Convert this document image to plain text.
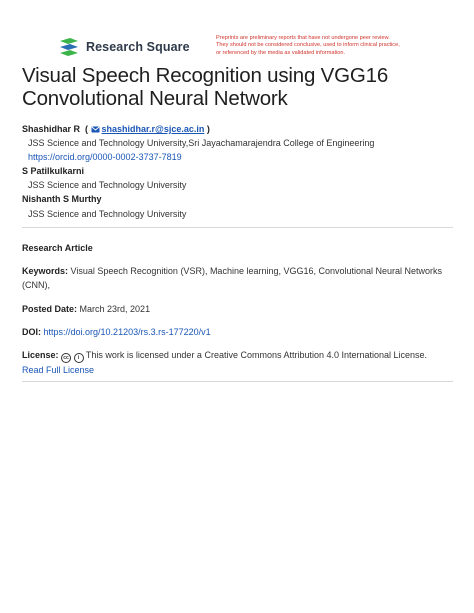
Research Square
Preprints are preliminary reports that have not undergone peer review.
They should not be considered conclusive, used to inform clinical practice,
or referenced by the media as validated information.
Visual Speech Recognition using VGG16
Convolutional Neural Network
Shashidhar R  ( shashidhar.r@sjce.ac.in )
JSS Science and Technology University,Sri Jayachamarajendra College of Engineering
https://orcid.org/0000-0002-3737-7819
S Patilkulkarni
JSS Science and Technology University
Nishanth S Murthy
JSS Science and Technology University
Research Article
Keywords: Visual Speech Recognition (VSR), Machine learning, VGG16, Convolutional Neural Networks (CNN),
Posted Date: March 23rd, 2021
DOI: https://doi.org/10.21203/rs.3.rs-177220/v1
License: cc i This work is licensed under a Creative Commons Attribution 4.0 International License.
Read Full License
